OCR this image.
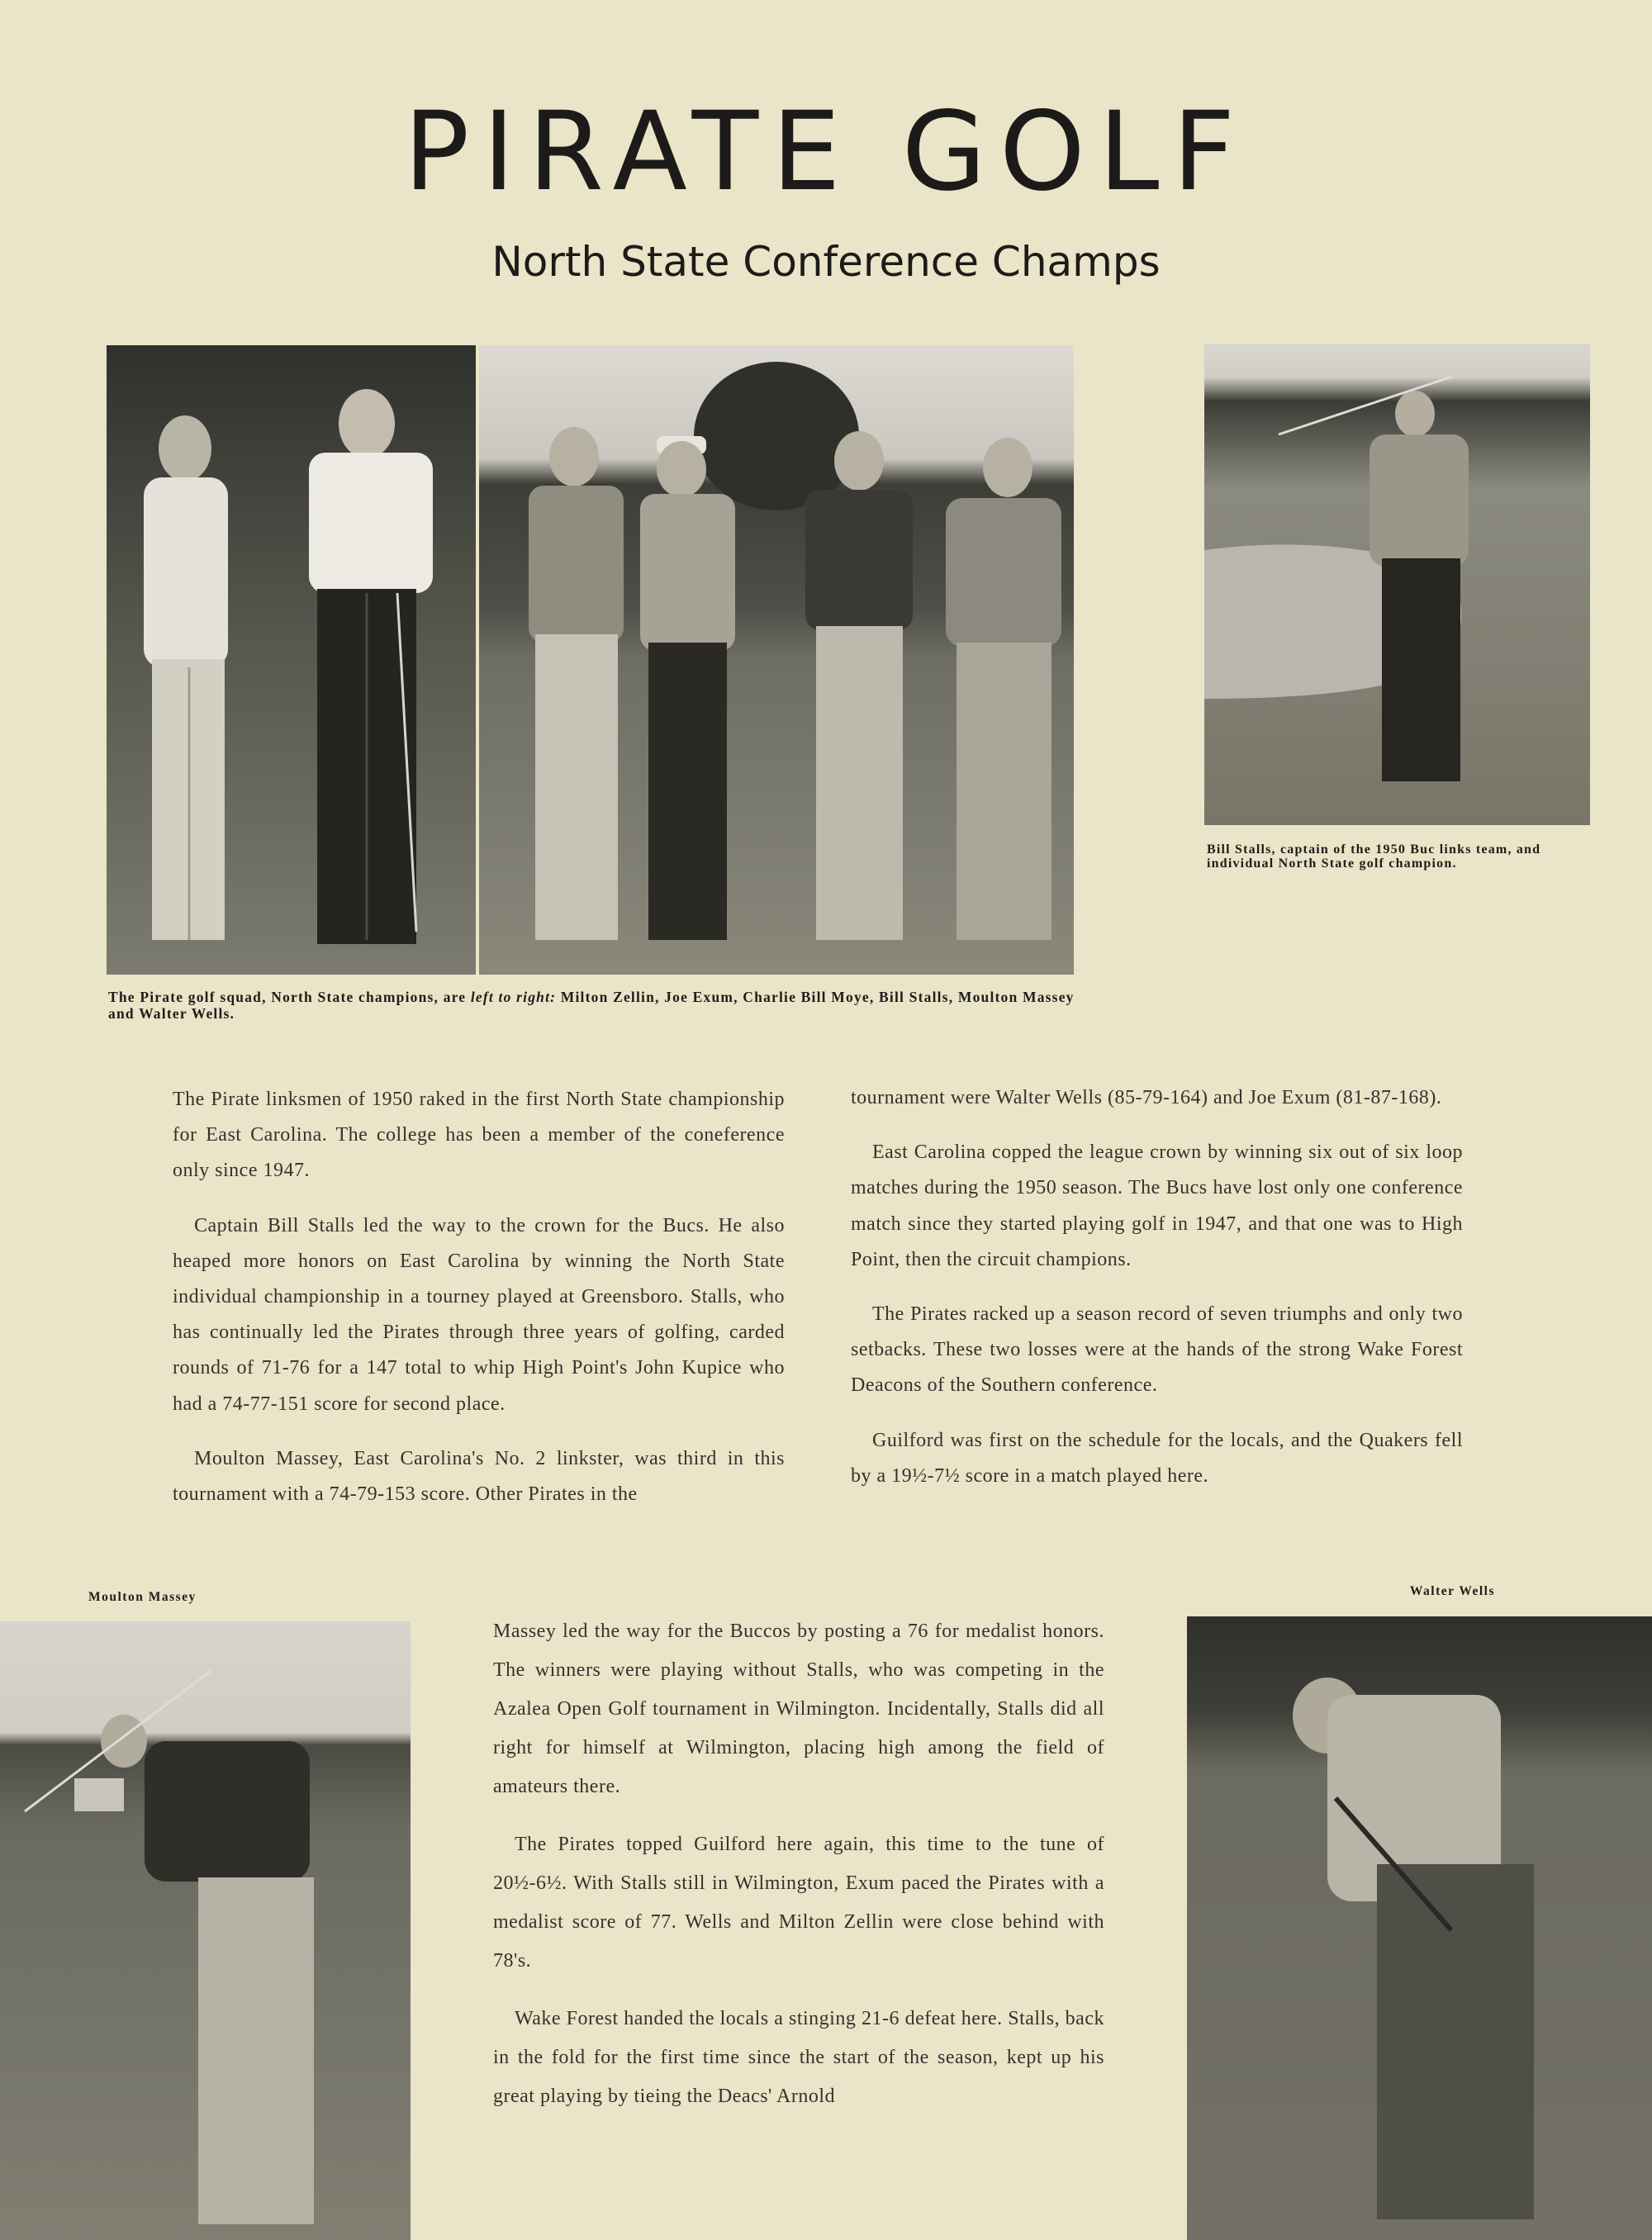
PIRATE GOLF
North State Conference Champs
The Pirate golf squad, North State champions, are left to right: Milton Zellin, Joe Exum, Charlie Bill Moye, Bill Stalls, Moulton Massey and Walter Wells.
Bill Stalls, captain of the 1950 Buc links team, and individual North State golf champion.

The Pirate linksmen of 1950 raked in the first North State championship for East Carolina. The college has been a member of the coneference only since 1947.

Captain Bill Stalls led the way to the crown for the Bucs. He also heaped more honors on East Carolina by winning the North State individual championship in a tourney played at Greensboro. Stalls, who has continually led the Pirates through three years of golfing, carded rounds of 71-76 for a 147 total to whip High Point's John Kupice who had a 74-77-151 score for second place.

Moulton Massey, East Carolina's No. 2 linkster, was third in this tournament with a 74-79-153 score. Other Pirates in the

tournament were Walter Wells (85-79-164) and Joe Exum (81-87-168).

East Carolina copped the league crown by winning six out of six loop matches during the 1950 season. The Bucs have lost only one conference match since they started playing golf in 1947, and that one was to High Point, then the circuit champions.

The Pirates racked up a season record of seven triumphs and only two setbacks. These two losses were at the hands of the strong Wake Forest Deacons of the Southern conference.

Guilford was first on the schedule for the locals, and the Quakers fell by a 19½-7½ score in a match played here.

Moulton Massey	Walter Wells

Massey led the way for the Buccos by posting a 76 for medalist honors. The winners were playing without Stalls, who was competing in the Azalea Open Golf tournament in Wilmington. Incidentally, Stalls did all right for himself at Wilmington, placing high among the field of amateurs there.

The Pirates topped Guilford here again, this time to the tune of 20½-6½. With Stalls still in Wilmington, Exum paced the Pirates with a medalist score of 77. Wells and Milton Zellin were close behind with 78's.

Wake Forest handed the locals a stinging 21-6 defeat here. Stalls, back in the fold for the first time since the start of the season, kept up his great playing by tieing the Deacs' Arnold
